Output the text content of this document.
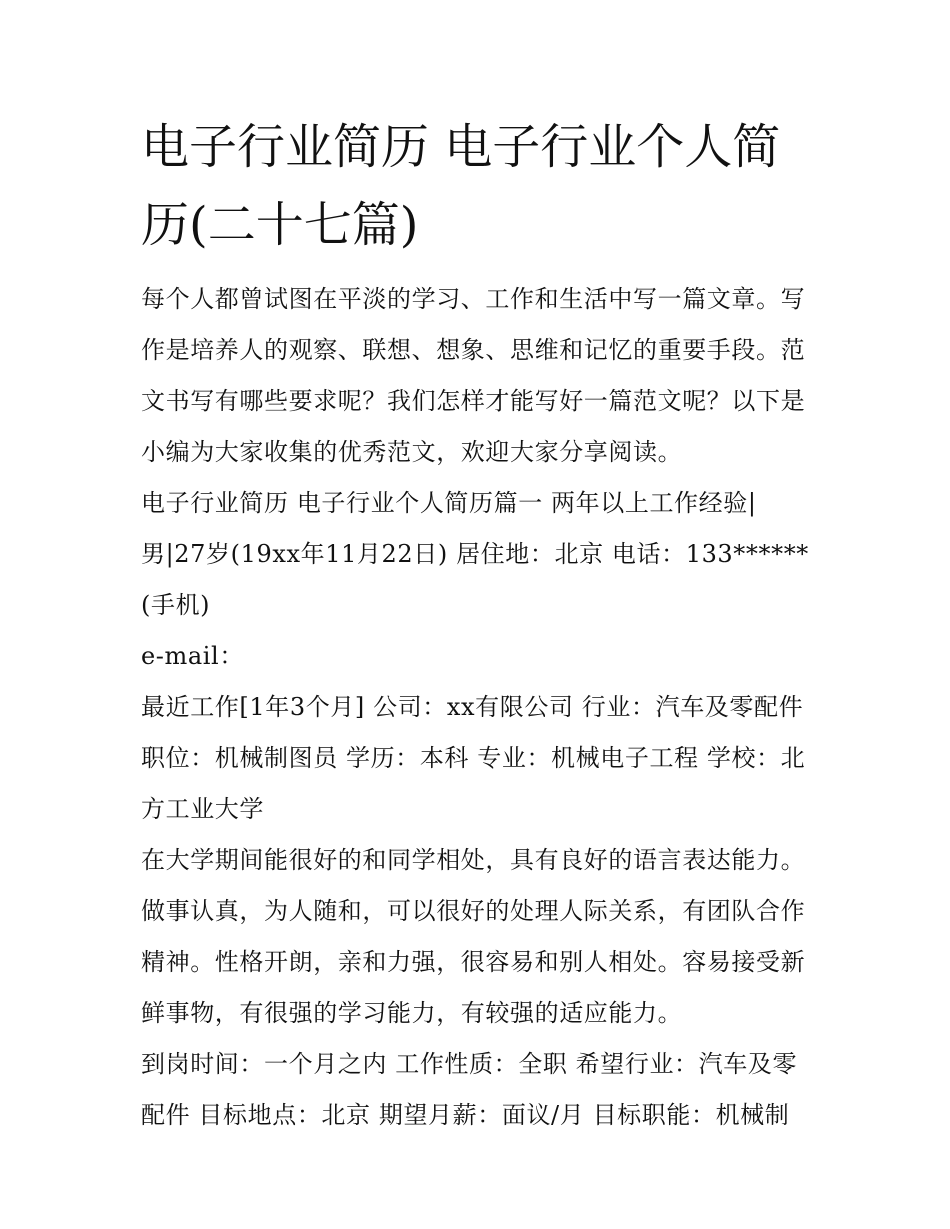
电子行业简历 电子行业个人简历(二十七篇)

每个人都曾试图在平淡的学习、工作和生活中写一篇文章。写作是培养人的观察、联想、想象、思维和记忆的重要手段。范文书写有哪些要求呢？我们怎样才能写好一篇范文呢？以下是小编为大家收集的优秀范文，欢迎大家分享阅读。

电子行业简历 电子行业个人简历篇一 两年以上工作经验|男|27岁(19xx年11月22日) 居住地：北京 电话：133******(手机)

e-mail：

最近工作[1年3个月] 公司：xx有限公司 行业：汽车及零配件 职位：机械制图员 学历：本科 专业：机械电子工程 学校：北方工业大学

在大学期间能很好的和同学相处，具有良好的语言表达能力。做事认真，为人随和，可以很好的处理人际关系，有团队合作精神。性格开朗，亲和力强，很容易和别人相处。容易接受新鲜事物，有很强的学习能力，有较强的适应能力。

到岗时间：一个月之内 工作性质：全职 希望行业：汽车及零配件 目标地点：北京 期望月薪：面议/月 目标职能：机械制
